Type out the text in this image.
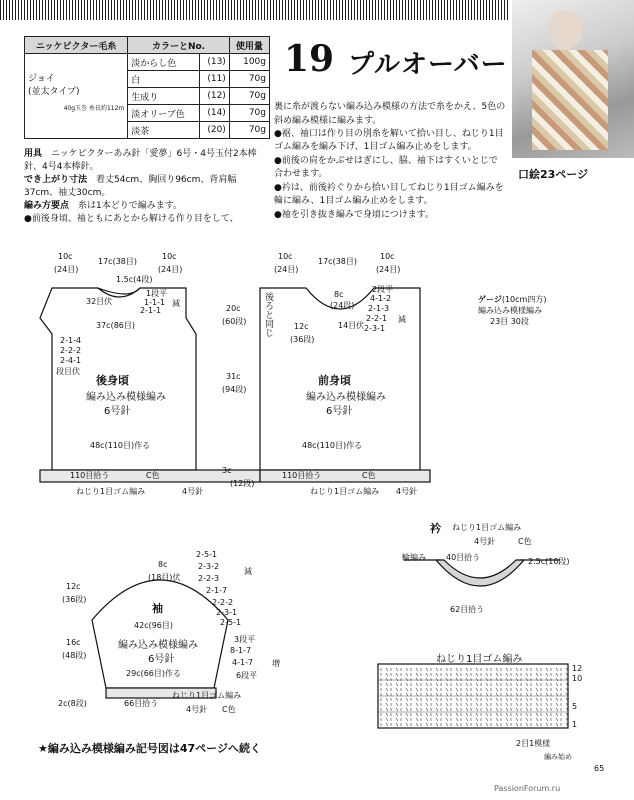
口絵23ページ
ニッケビクター毛糸	カラーとNo.		使用量

ジョイ
(並太タイプ)
40g玉巻 糸長約112m	淡からし色	(13)	100g
	白	(11)	70g
	生成り	(12)	70g
	淡オリーブ色	(14)	70g
	淡茶	(20)	70g
19 プルオーバー

裏に糸が渡らない編み込み模様の方法で糸をかえ、5色の斜め編み模様に編みます。

●裾、袖口は作り目の別糸を解いて拾い目し、ねじり1目ゴム編みを編み下げ、1目ゴム編み止めをします。
●前後の肩をかぶせはぎにし、脇、袖下はすくいとじで合わせます。
●衿は、前後衿ぐりから拾い目してねじり1目ゴム編みを輪に編み、1目ゴム編み止めをします。
●袖を引き抜き編みで身頃につけます。
用具　 ニッケビクターあみ針「愛夢」6号・4号玉付2本棒針、4号4本棒針。
でき上がり寸法　 着丈54cm、胸回り96cm、背肩幅37cm、袖丈30cm。
編み方要点　 糸は1本どりで編みます。
●前後身頃、袖ともにあとから解ける作り目をして、
10c
(24目)
17c(38目)
10c
(24目)
1.5c(4段)
1段平
1-1-1
2-1-1
減
32目伏
37c(86目)
2-1-4
2-2-2
2-4-1
段目伏
後身頃
編み込み模様編み
6号針
48c(110目)作る
110目拾う	C色
ねじり1目ゴム編み	4号針
10c
(24目)
17c(38目)
10c
(24目)
8c
(24段)
2段平
4-1-2
2-1-3
2-2-1
2-3-1
減
14目伏
12c
(36段)
後ろと同じ
20c
(60段)
31c
(94段)
3c
(12段)
前身頃
編み込み模様編み
6号針
48c(110目)作る
110目拾う	C色
ねじり1目ゴム編み 4号針
ゲージ(10cm四方)
編み込み模様編み
23目 30段
衿 ねじり1目ゴム編み
4号針	C色
輪編み	40目拾う	2.5c(10段)
62目拾う
8c
(18目)伏
2-5-1
2-3-2
2-2-3
2-1-7
2-2-2
2-3-1
2-5-1
減
12c
(36段)
袖
42c(96目)
編み込み模様編み
6号針
16c
(48段)
3段平
8-1-7
4-1-7
6段平
増
2c(8段)
29c(66目)作る
66目拾う
ねじり1目ゴム編み
4号針 C色
ねじり1目ゴム編み
12
10
5
1
2目1模様
編み始め
★編み込み模様編み記号図は47ページへ続く
65
PassionForum.ru
